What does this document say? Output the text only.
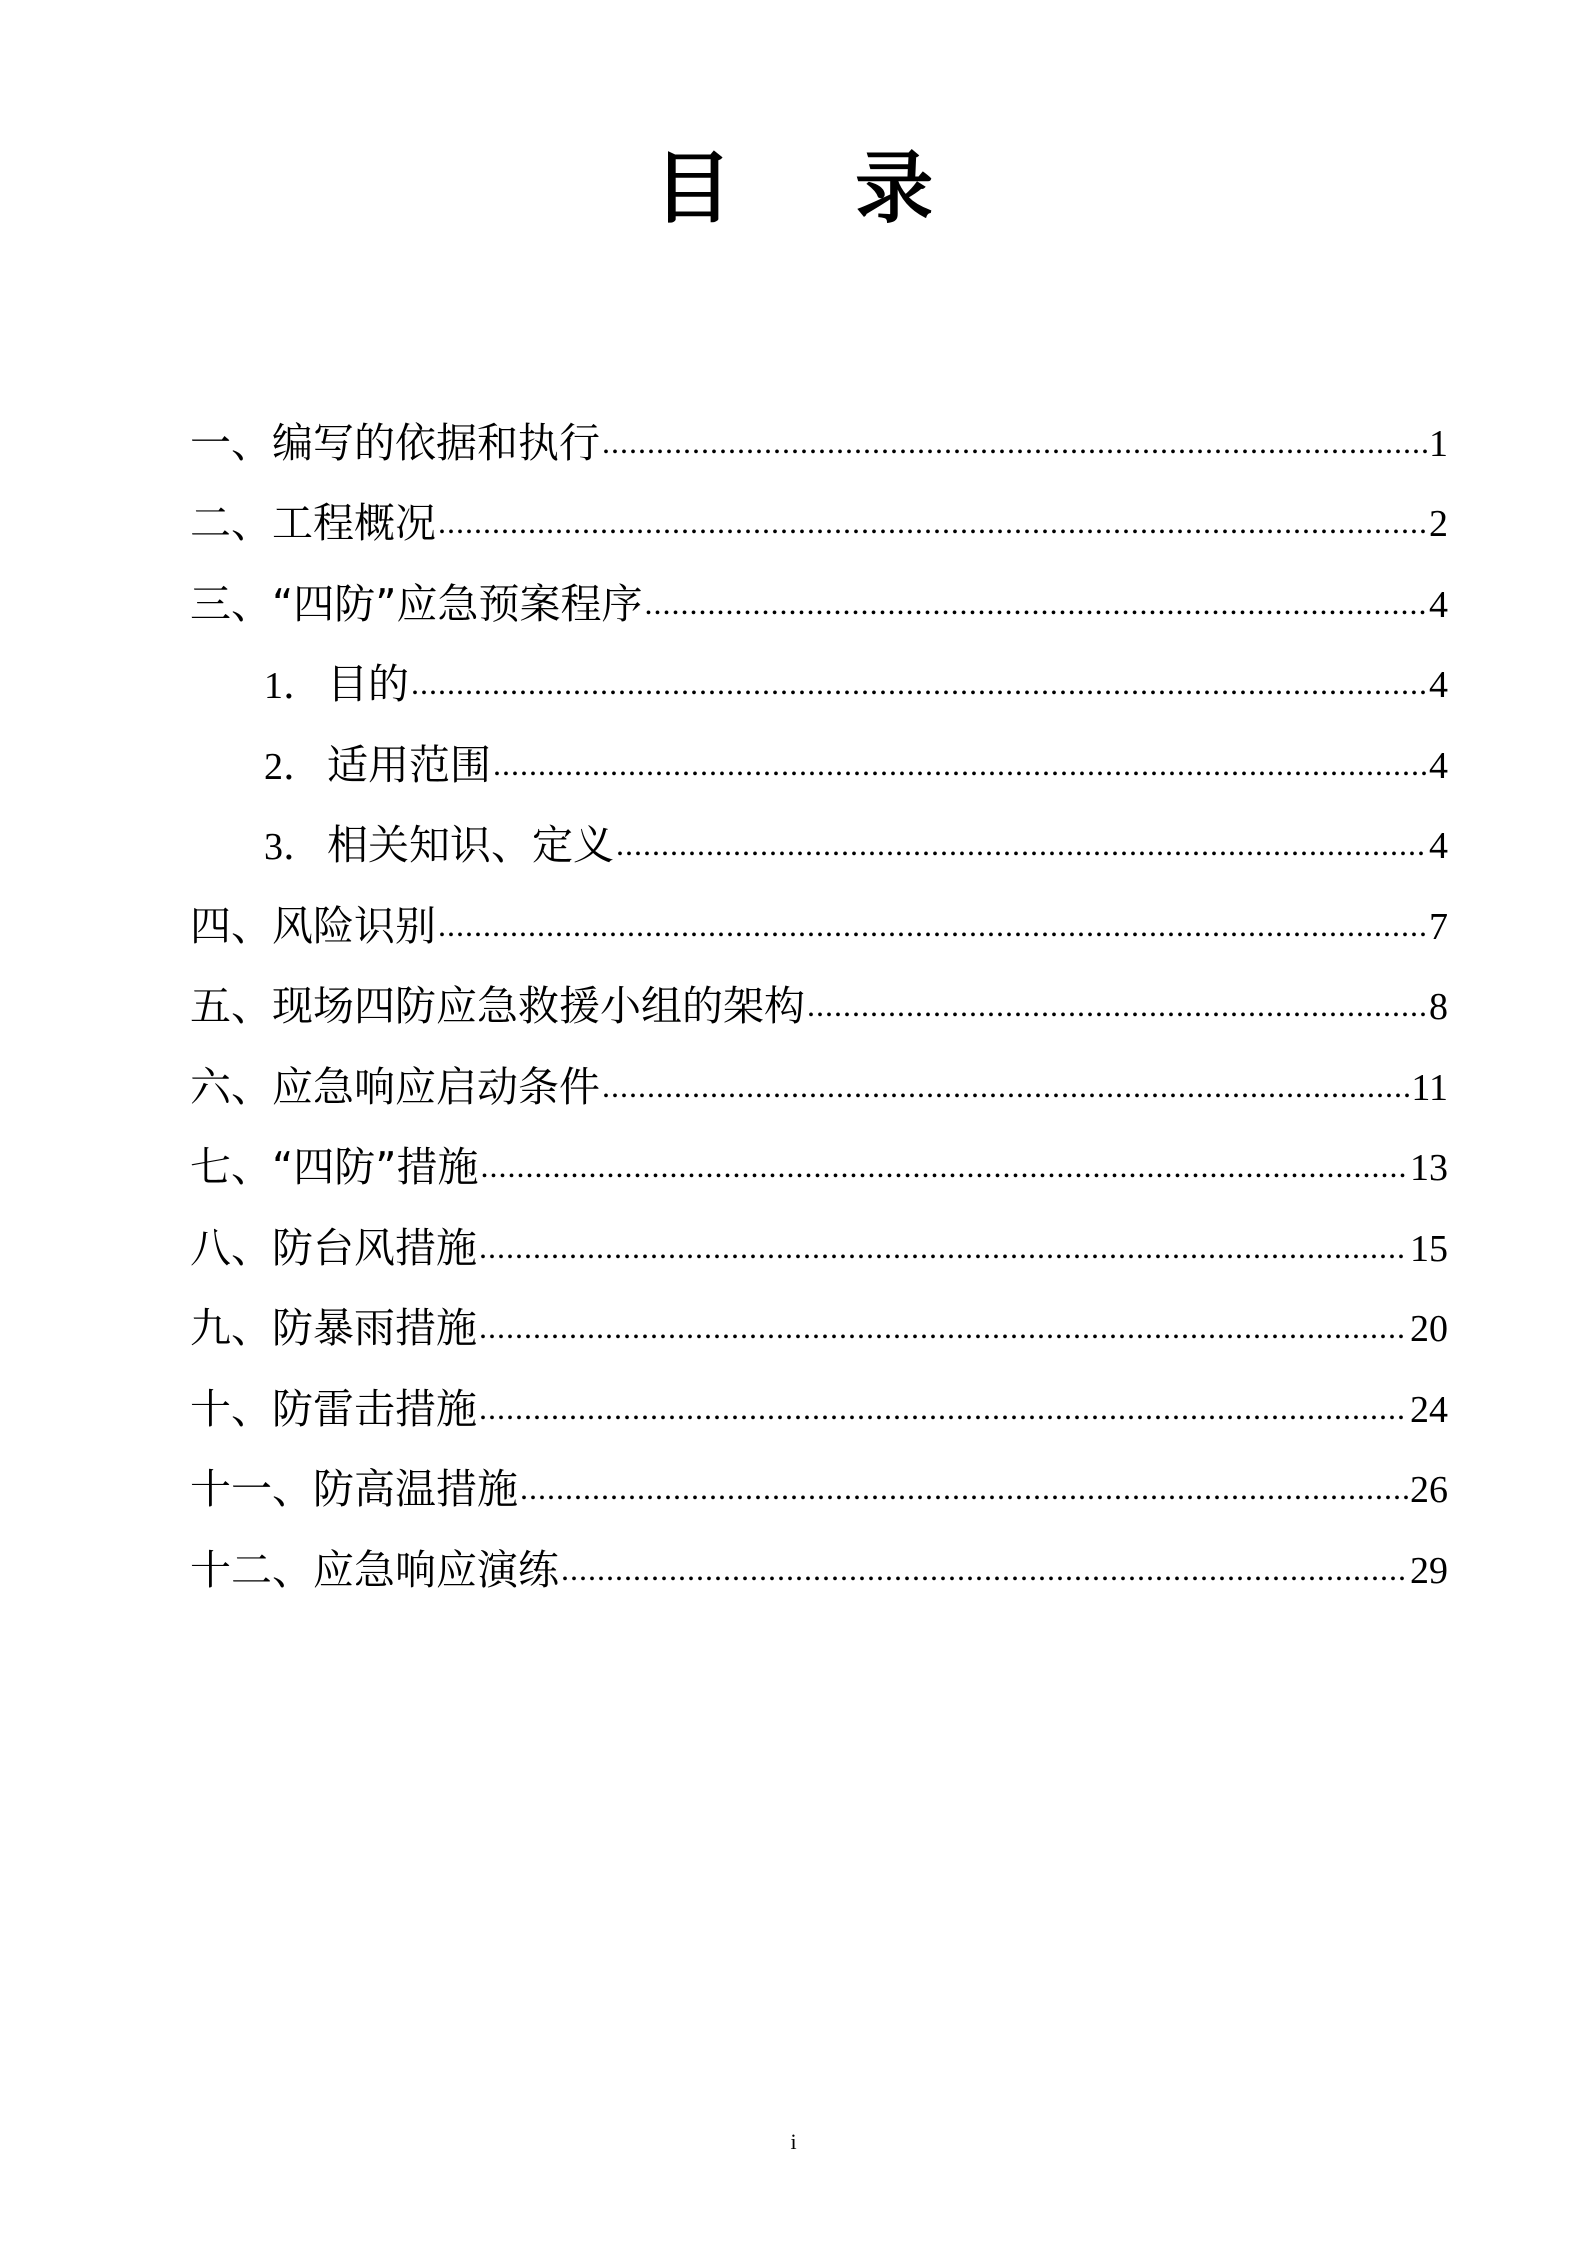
目 录
一、编写的依据和执行 .....	1
二、工程概况 .....	2
三、“四防”应急预案程序 .....	4
1． 目的 .....	4
2． 适用范围 .....	4
3． 相关知识、定义 .....	4
四、风险识别 .....	7
五、现场四防应急救援小组的架构 .....	8
六、应急响应启动条件 .....	11
七、“四防”措施 .....	13
八、防台风措施 .....	15
九、防暴雨措施 .....	20
十、防雷击措施 .....	24
十一、防高温措施 .....	26
十二、应急响应演练 .....	29
i
